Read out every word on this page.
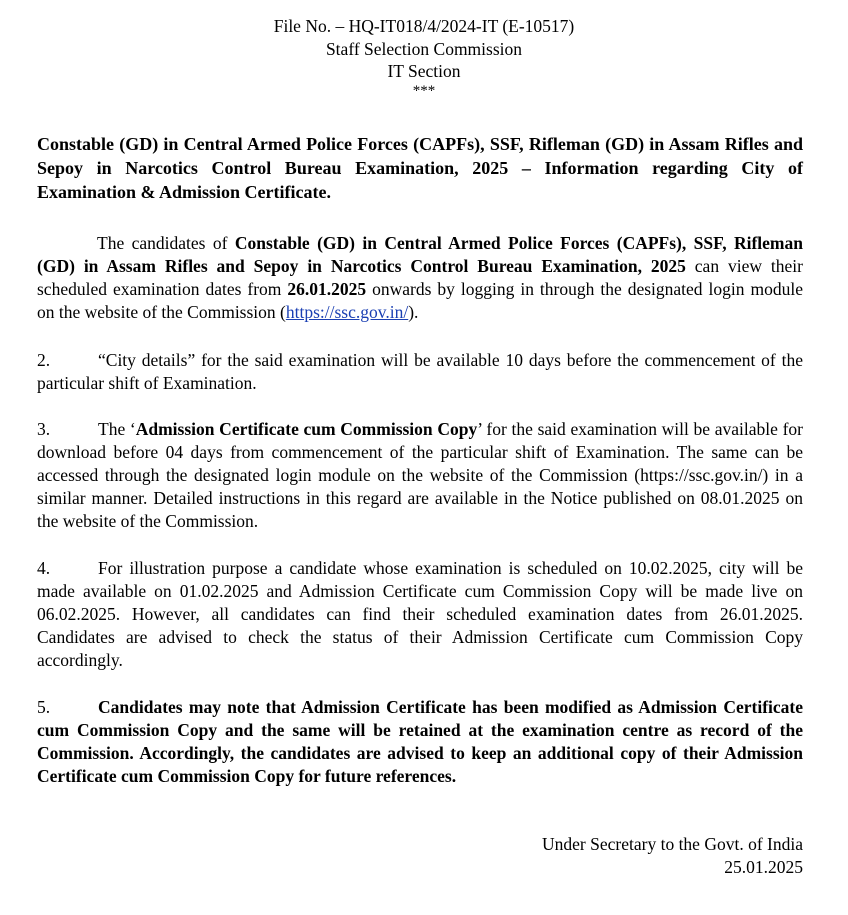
File No. – HQ-IT018/4/2024-IT (E-10517)
Staff Selection Commission
IT Section
***
Constable (GD) in Central Armed Police Forces (CAPFs), SSF, Rifleman (GD) in Assam Rifles and Sepoy in Narcotics Control Bureau Examination, 2025 – Information regarding City of Examination & Admission Certificate.
The candidates of Constable (GD) in Central Armed Police Forces (CAPFs), SSF, Rifleman (GD) in Assam Rifles and Sepoy in Narcotics Control Bureau Examination, 2025 can view their scheduled examination dates from 26.01.2025 onwards by logging in through the designated login module on the website of the Commission (https://ssc.gov.in/).
2.	“City details” for the said examination will be available 10 days before the commencement of the particular shift of Examination.
3.	The ‘Admission Certificate cum Commission Copy’ for the said examination will be available for download before 04 days from commencement of the particular shift of Examination. The same can be accessed through the designated login module on the website of the Commission (https://ssc.gov.in/) in a similar manner. Detailed instructions in this regard are available in the Notice published on 08.01.2025 on the website of the Commission.
4.	For illustration purpose a candidate whose examination is scheduled on 10.02.2025, city will be made available on 01.02.2025 and Admission Certificate cum Commission Copy will be made live on 06.02.2025. However, all candidates can find their scheduled examination dates from 26.01.2025. Candidates are advised to check the status of their Admission Certificate cum Commission Copy accordingly.
5.	Candidates may note that Admission Certificate has been modified as Admission Certificate cum Commission Copy and the same will be retained at the examination centre as record of the Commission. Accordingly, the candidates are advised to keep an additional copy of their Admission Certificate cum Commission Copy for future references.
Under Secretary to the Govt. of India
25.01.2025
